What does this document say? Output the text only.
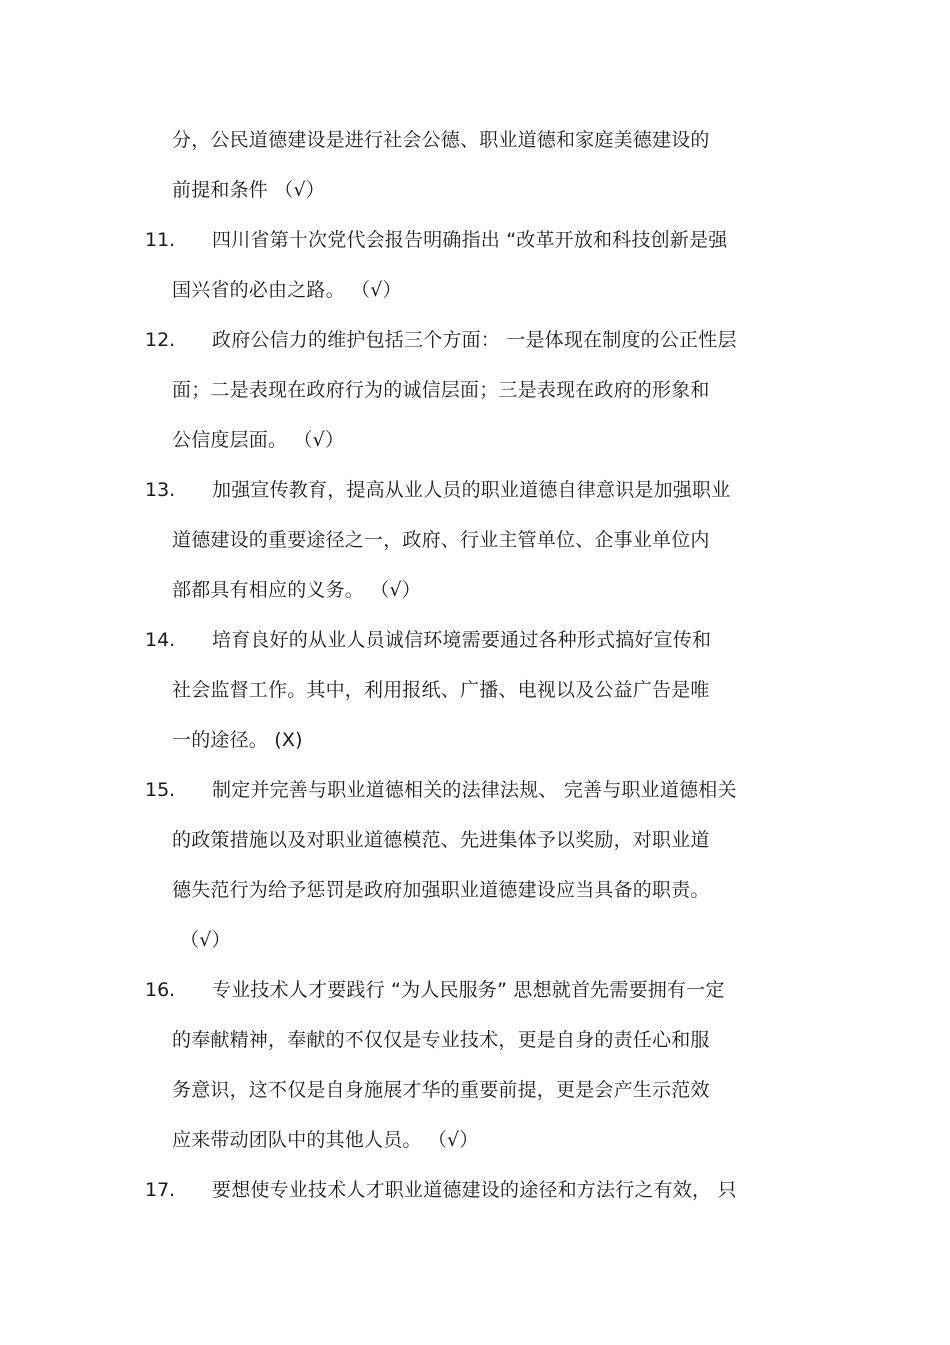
分，公民道德建设是进行社会公德、职业道德和家庭美德建设的
前提和条件 （√）
11. 四川省第十次党代会报告明确指出 “改革开放和科技创新是强
国兴省的必由之路。 （√）
12. 政府公信力的维护包括三个方面： 一是体现在制度的公正性层
面；二是表现在政府行为的诚信层面；三是表现在政府的形象和
公信度层面。 （√）
13. 加强宣传教育，提高从业人员的职业道德自律意识是加强职业
道德建设的重要途径之一，政府、行业主管单位、企事业单位内
部都具有相应的义务。 （√）
14. 培育良好的从业人员诚信环境需要通过各种形式搞好宣传和
社会监督工作。其中，利用报纸、广播、电视以及公益广告是唯
一的途径。 (X)
15. 制定并完善与职业道德相关的法律法规、 完善与职业道德相关
的政策措施以及对职业道德模范、先进集体予以奖励，对职业道
德失范行为给予惩罚是政府加强职业道德建设应当具备的职责。
（√）
16. 专业技术人才要践行 “为人民服务” 思想就首先需要拥有一定
的奉献精神，奉献的不仅仅是专业技术，更是自身的责任心和服
务意识，这不仅是自身施展才华的重要前提，更是会产生示范效
应来带动团队中的其他人员。 （√）
17. 要想使专业技术人才职业道德建设的途径和方法行之有效， 只
